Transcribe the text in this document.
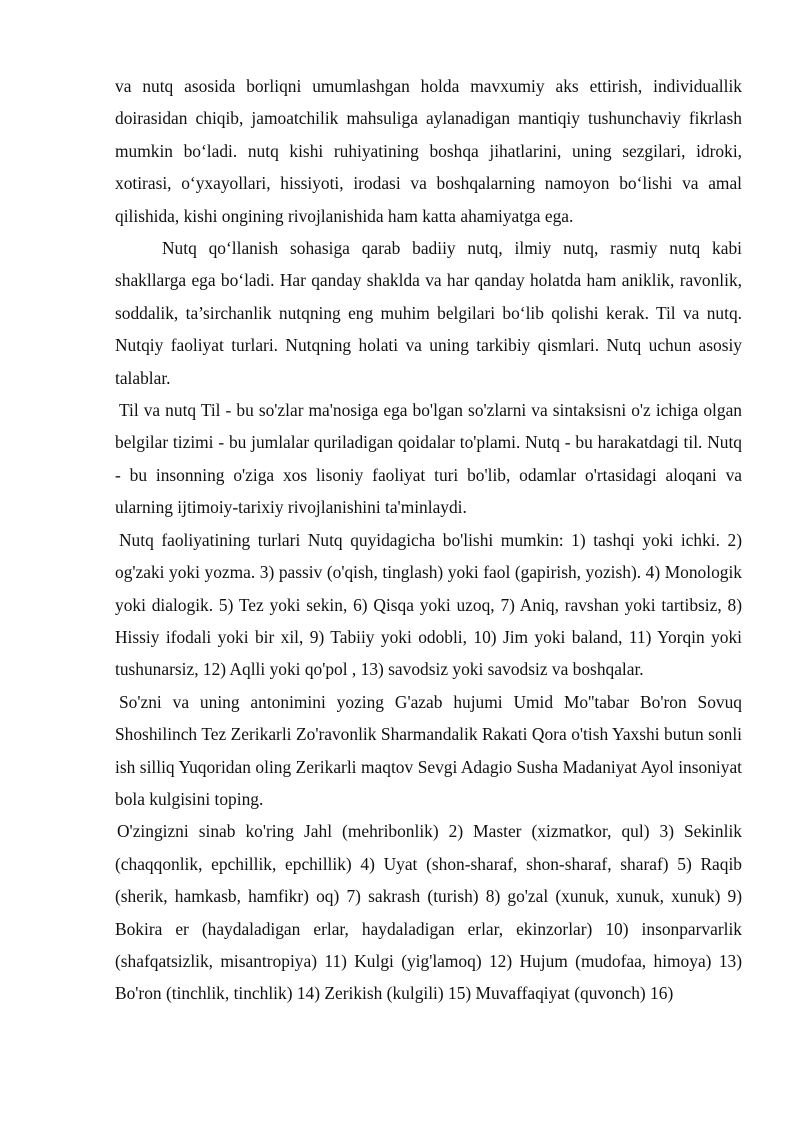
va nutq asosida borliqni umumlashgan holda mavxumiy aks ettirish, individuallik doirasidan chiqib, jamoatchilik mahsuliga aylanadigan mantiqiy tushunchaviy fikrlash mumkin boʻladi. nutq kishi ruhiyatining boshqa jihatlarini, uning sezgilari, idroki, xotirasi, oʻyxayollari, hissiyoti, irodasi va boshqalarning namoyon boʻlishi va amal qilishida, kishi ongining rivojlanishida ham katta ahamiyatga ega.

Nutq qoʻllanish sohasiga qarab badiiy nutq, ilmiy nutq, rasmiy nutq kabi shakllarga ega boʻladi. Har qanday shaklda va har qanday holatda ham aniklik, ravonlik, soddalik, ta’sirchanlik nutqning eng muhim belgilari boʻlib qolishi kerak. Til va nutq. Nutqiy faoliyat turlari. Nutqning holati va uning tarkibiy qismlari. Nutq uchun asosiy talablar.

Til va nutq Til - bu so'zlar ma'nosiga ega bo'lgan so'zlarni va sintaksisni o'z ichiga olgan belgilar tizimi - bu jumlalar quriladigan qoidalar to'plami. Nutq - bu harakatdagi til. Nutq - bu insonning o'ziga xos lisoniy faoliyat turi bo'lib, odamlar o'rtasidagi aloqani va ularning ijtimoiy-tarixiy rivojlanishini ta'minlaydi.

Nutq faoliyatining turlari Nutq quyidagicha bo'lishi mumkin: 1) tashqi yoki ichki. 2) og'zaki yoki yozma. 3) passiv (o'qish, tinglash) yoki faol (gapirish, yozish). 4) Monologik yoki dialogik. 5) Tez yoki sekin, 6) Qisqa yoki uzoq, 7) Aniq, ravshan yoki tartibsiz, 8) Hissiy ifodali yoki bir xil, 9) Tabiiy yoki odobli, 10) Jim yoki baland, 11) Yorqin yoki tushunarsiz, 12) Aqlli yoki qo'pol , 13) savodsiz yoki savodsiz va boshqalar.

So'zni va uning antonimini yozing G'azab hujumi Umid Mo''tabar Bo'ron Sovuq Shoshilinch Tez Zerikarli Zo'ravonlik Sharmandalik Rakati Qora o'tish Yaxshi butun sonli ish silliq Yuqoridan oling Zerikarli maqtov Sevgi Adagio Susha Madaniyat Ayol insoniyat bola kulgisini toping.

O'zingizni sinab ko'ring Jahl (mehribonlik) 2) Master (xizmatkor, qul) 3) Sekinlik (chaqqonlik, epchillik, epchillik) 4) Uyat (shon-sharaf, shon-sharaf, sharaf) 5) Raqib (sherik, hamkasb, hamfikr) oq) 7) sakrash (turish) 8) go'zal (xunuk, xunuk, xunuk) 9) Bokira er (haydaladigan erlar, haydaladigan erlar, ekinzorlar) 10) insonparvarlik (shafqatsizlik, misantropiya) 11) Kulgi (yig'lamoq) 12) Hujum (mudofaa, himoya) 13) Bo'ron (tinchlik, tinchlik) 14) Zerikish (kulgili) 15) Muvaffaqiyat (quvonch) 16)
